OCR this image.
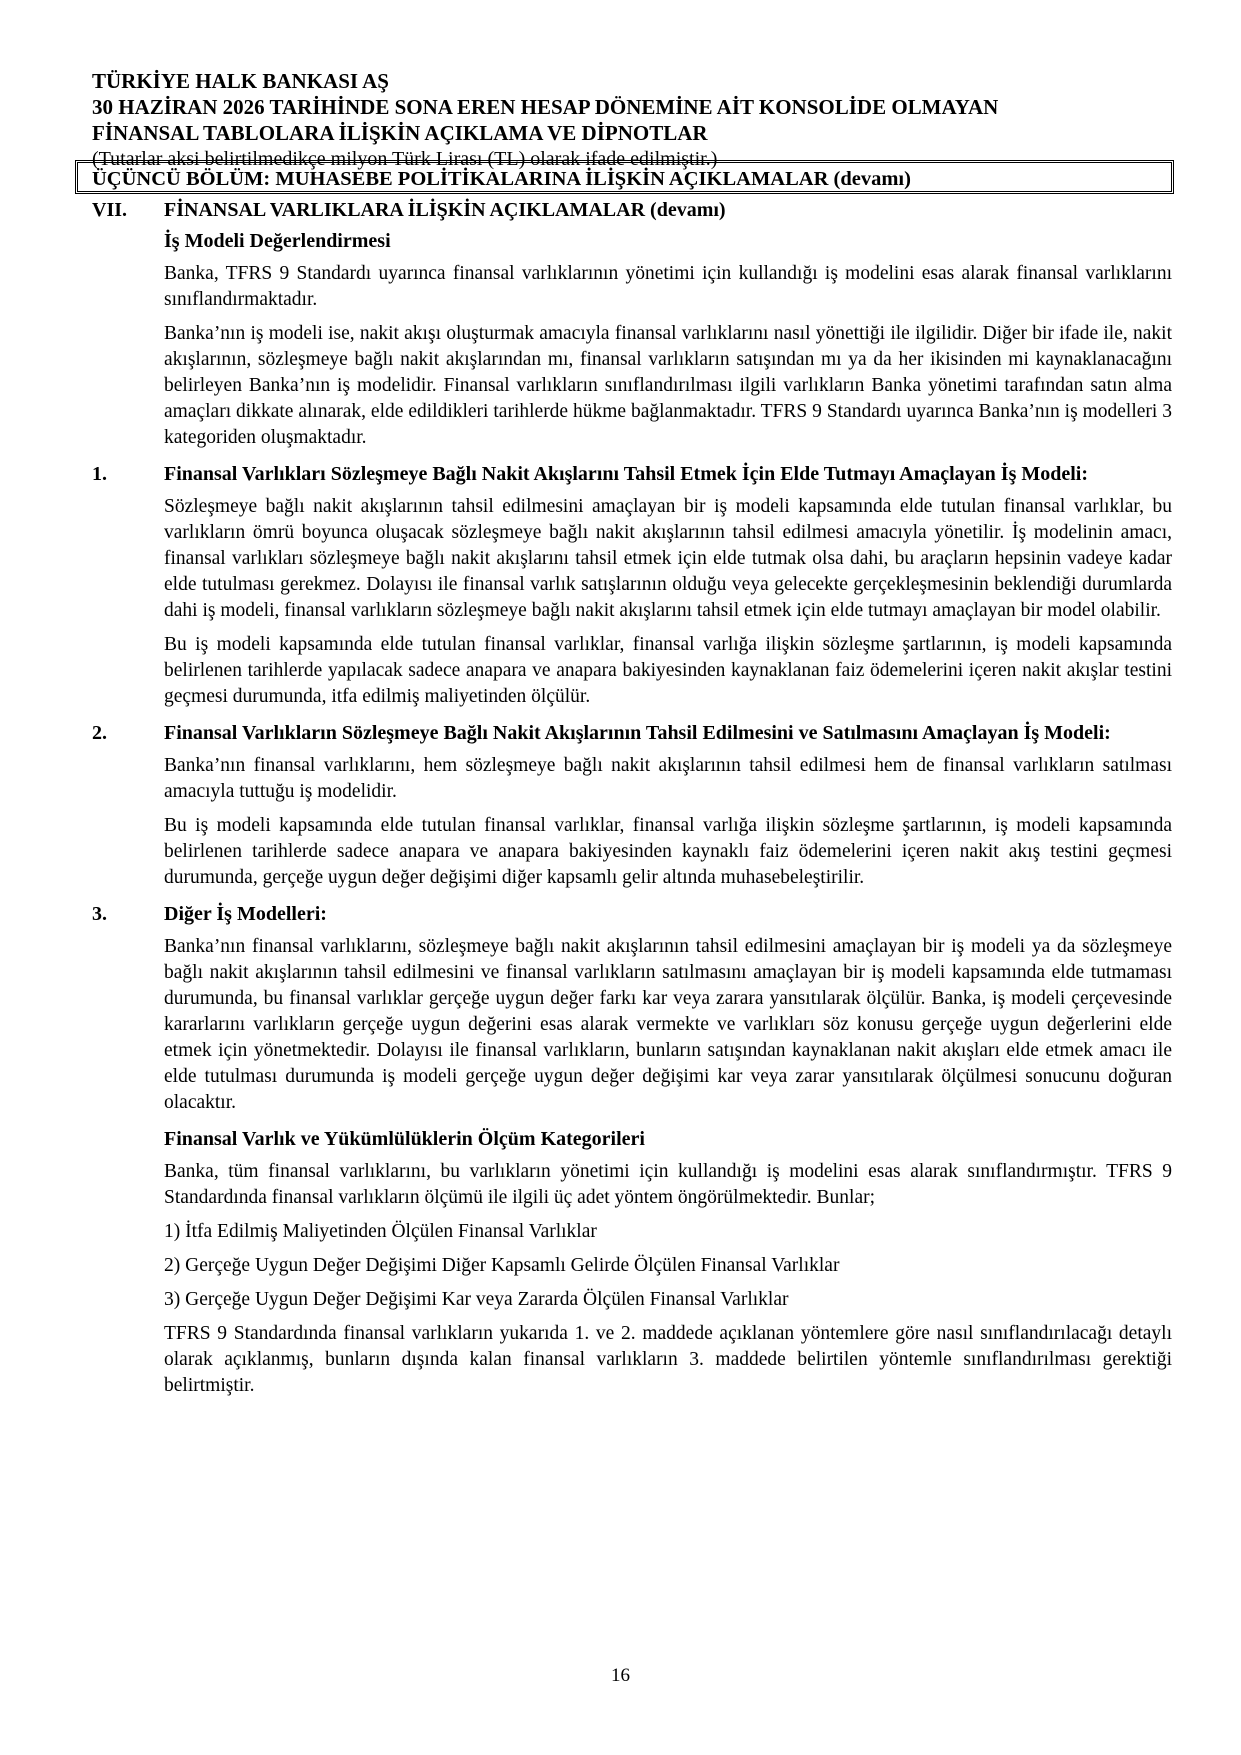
TÜRKİYE HALK BANKASI AŞ
30 HAZİRAN 2026 TARİHİNDE SONA EREN HESAP DÖNEMİNE AİT KONSOLİDE OLMAYAN
FİNANSAL TABLOLARA İLİŞKİN AÇIKLAMA VE DİPNOTLAR
(Tutarlar aksi belirtilmedikçe milyon Türk Lirası (TL) olarak ifade edilmiştir.)
ÜÇÜNCÜ BÖLÜM: MUHASEBE POLİTİKALARINA İLİŞKİN AÇIKLAMALAR (devamı)
VII.	FİNANSAL VARLIKLARA İLİŞKİN AÇIKLAMALAR (devamı)
İş Modeli Değerlendirmesi

Banka, TFRS 9 Standardı uyarınca finansal varlıklarının yönetimi için kullandığı iş modelini esas alarak finansal varlıklarını sınıflandırmaktadır.

Banka’nın iş modeli ise, nakit akışı oluşturmak amacıyla finansal varlıklarını nasıl yönettiği ile ilgilidir. Diğer bir ifade ile, nakit akışlarının, sözleşmeye bağlı nakit akışlarından mı, finansal varlıkların satışından mı ya da her ikisinden mi kaynaklanacağını belirleyen Banka’nın iş modelidir. Finansal varlıkların sınıflandırılması ilgili varlıkların Banka yönetimi tarafından satın alma amaçları dikkate alınarak, elde edildikleri tarihlerde hükme bağlanmaktadır. TFRS 9 Standardı uyarınca Banka’nın iş modelleri 3 kategoriden oluşmaktadır.

1.	Finansal Varlıkları Sözleşmeye Bağlı Nakit Akışlarını Tahsil Etmek İçin Elde Tutmayı Amaçlayan İş Modeli:

Sözleşmeye bağlı nakit akışlarının tahsil edilmesini amaçlayan bir iş modeli kapsamında elde tutulan finansal varlıklar, bu varlıkların ömrü boyunca oluşacak sözleşmeye bağlı nakit akışlarının tahsil edilmesi amacıyla yönetilir. İş modelinin amacı, finansal varlıkları sözleşmeye bağlı nakit akışlarını tahsil etmek için elde tutmak olsa dahi, bu araçların hepsinin vadeye kadar elde tutulması gerekmez. Dolayısı ile finansal varlık satışlarının olduğu veya gelecekte gerçekleşmesinin beklendiği durumlarda dahi iş modeli, finansal varlıkların sözleşmeye bağlı nakit akışlarını tahsil etmek için elde tutmayı amaçlayan bir model olabilir.

Bu iş modeli kapsamında elde tutulan finansal varlıklar, finansal varlığa ilişkin sözleşme şartlarının, iş modeli kapsamında belirlenen tarihlerde yapılacak sadece anapara ve anapara bakiyesinden kaynaklanan faiz ödemelerini içeren nakit akışlar testini geçmesi durumunda, itfa edilmiş maliyetinden ölçülür.

2.	Finansal Varlıkların Sözleşmeye Bağlı Nakit Akışlarının Tahsil Edilmesini ve Satılmasını Amaçlayan İş Modeli:

Banka’nın finansal varlıklarını, hem sözleşmeye bağlı nakit akışlarının tahsil edilmesi hem de finansal varlıkların satılması amacıyla tuttuğu iş modelidir.

Bu iş modeli kapsamında elde tutulan finansal varlıklar, finansal varlığa ilişkin sözleşme şartlarının, iş modeli kapsamında belirlenen tarihlerde sadece anapara ve anapara bakiyesinden kaynaklı faiz ödemelerini içeren nakit akış testini geçmesi durumunda, gerçeğe uygun değer değişimi diğer kapsamlı gelir altında muhasebeleştirilir.

3.	Diğer İş Modelleri:

Banka’nın finansal varlıklarını, sözleşmeye bağlı nakit akışlarının tahsil edilmesini amaçlayan bir iş modeli ya da sözleşmeye bağlı nakit akışlarının tahsil edilmesini ve finansal varlıkların satılmasını amaçlayan bir iş modeli kapsamında elde tutmaması durumunda, bu finansal varlıklar gerçeğe uygun değer farkı kar veya zarara yansıtılarak ölçülür. Banka, iş modeli çerçevesinde kararlarını varlıkların gerçeğe uygun değerini esas alarak vermekte ve varlıkları söz konusu gerçeğe uygun değerlerini elde etmek için yönetmektedir. Dolayısı ile finansal varlıkların, bunların satışından kaynaklanan nakit akışları elde etmek amacı ile elde tutulması durumunda iş modeli gerçeğe uygun değer değişimi kar veya zarar yansıtılarak ölçülmesi sonucunu doğuran olacaktır.

Finansal Varlık ve Yükümlülüklerin Ölçüm Kategorileri

Banka, tüm finansal varlıklarını, bu varlıkların yönetimi için kullandığı iş modelini esas alarak sınıflandırmıştır. TFRS 9 Standardında finansal varlıkların ölçümü ile ilgili üç adet yöntem öngörülmektedir. Bunlar;

1) İtfa Edilmiş Maliyetinden Ölçülen Finansal Varlıklar

2) Gerçeğe Uygun Değer Değişimi Diğer Kapsamlı Gelirde Ölçülen Finansal Varlıklar

3) Gerçeğe Uygun Değer Değişimi Kar veya Zararda Ölçülen Finansal Varlıklar

TFRS 9 Standardında finansal varlıkların yukarıda 1. ve 2. maddede açıklanan yöntemlere göre nasıl sınıflandırılacağı detaylı olarak açıklanmış, bunların dışında kalan finansal varlıkların 3. maddede belirtilen yöntemle sınıflandırılması gerektiği belirtmiştir.

16
